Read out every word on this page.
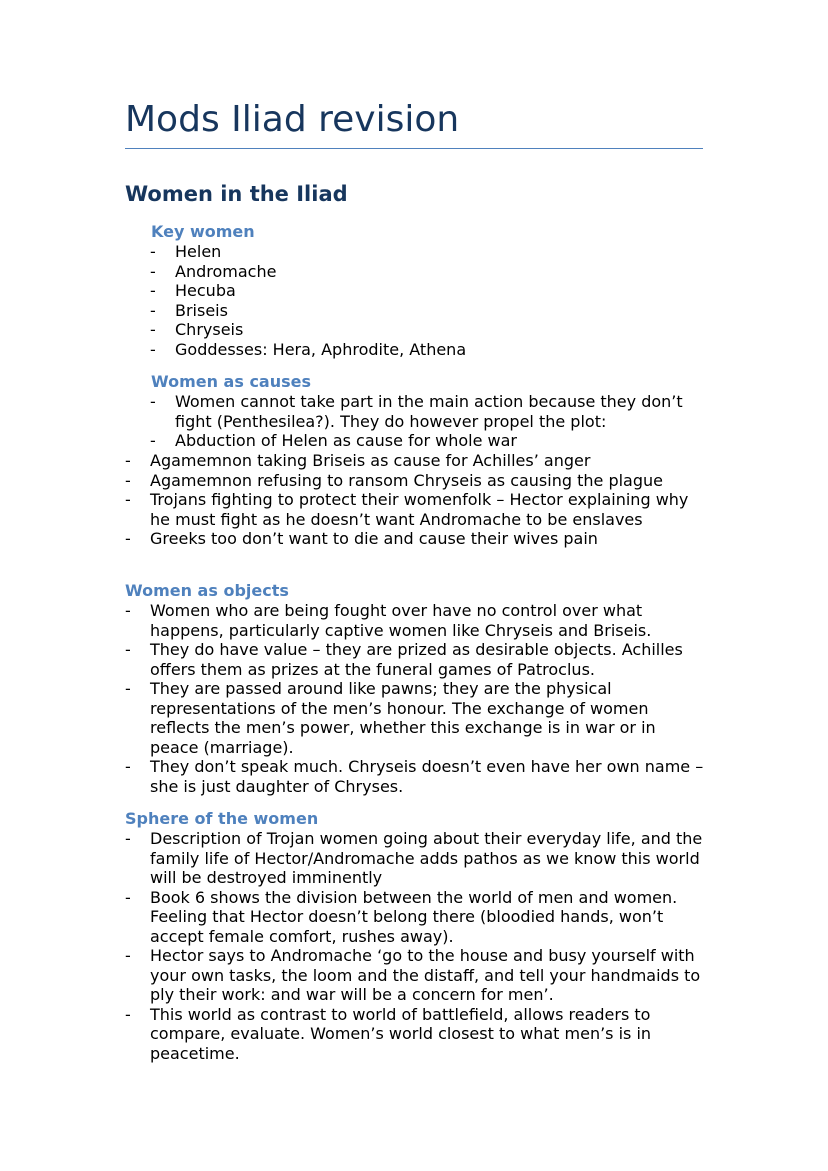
Mods Iliad revision
Women in the Iliad
Key women
- Helen
- Andromache
- Hecuba
- Briseis
- Chryseis
- Goddesses: Hera, Aphrodite, Athena
Women as causes
- Women cannot take part in the main action because they don’t fight (Penthesilea?). They do however propel the plot:
- Abduction of Helen as cause for whole war
- Agamemnon taking Briseis as cause for Achilles’ anger
- Agamemnon refusing to ransom Chryseis as causing the plague
- Trojans fighting to protect their womenfolk – Hector explaining why he must fight as he doesn’t want Andromache to be enslaves
- Greeks too don’t want to die and cause their wives pain
Women as objects
- Women who are being fought over have no control over what happens, particularly captive women like Chryseis and Briseis.
- They do have value – they are prized as desirable objects. Achilles offers them as prizes at the funeral games of Patroclus.
- They are passed around like pawns; they are the physical representations of the men’s honour. The exchange of women reflects the men’s power, whether this exchange is in war or in peace (marriage).
- They don’t speak much. Chryseis doesn’t even have her own name – she is just daughter of Chryses.
Sphere of the women
- Description of Trojan women going about their everyday life, and the family life of Hector/Andromache adds pathos as we know this world will be destroyed imminently
- Book 6 shows the division between the world of men and women. Feeling that Hector doesn’t belong there (bloodied hands, won’t accept female comfort, rushes away).
- Hector says to Andromache ‘go to the house and busy yourself with your own tasks, the loom and the distaff, and tell your handmaids to ply their work: and war will be a concern for men’.
- This world as contrast to world of battlefield, allows readers to compare, evaluate. Women’s world closest to what men’s is in peacetime.
